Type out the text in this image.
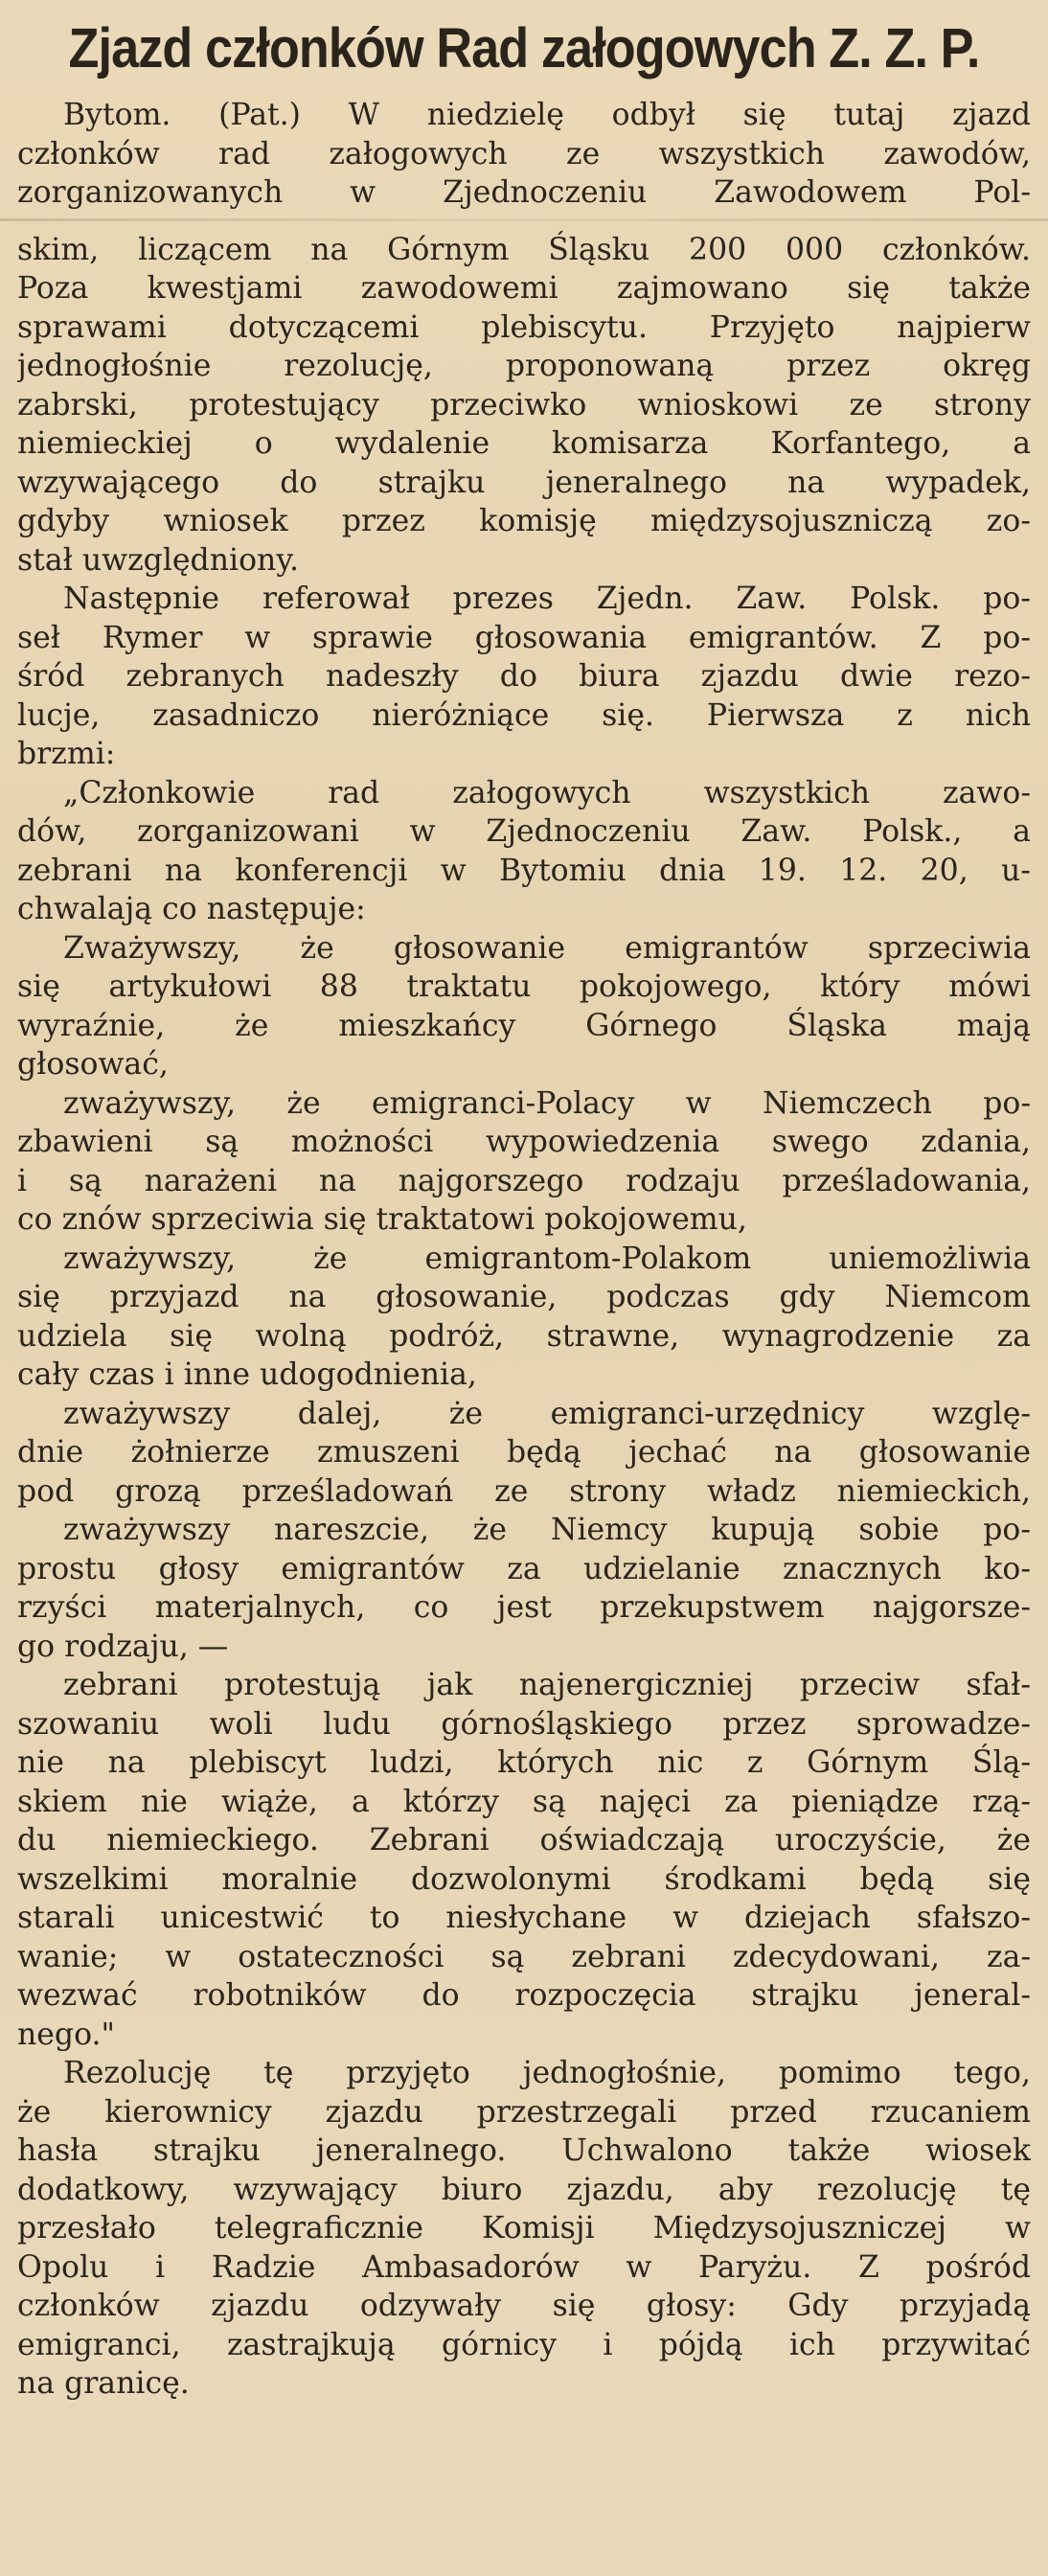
Zjazd członków Rad załogowych Z. Z. P.
Bytom. (Pat.) W niedzielę odbył się tutaj zjazd
członków rad załogowych ze wszystkich zawodów,
zorganizowanych w Zjednoczeniu Zawodowem Pol-
skim, liczącem na Górnym Śląsku 200 000 członków.
Poza kwestjami zawodowemi zajmowano się także
sprawami dotyczącemi plebiscytu. Przyjęto najpierw
jednogłośnie rezolucję, proponowaną przez okręg
zabrski, protestujący przeciwko wnioskowi ze strony
niemieckiej o wydalenie komisarza Korfantego, a
wzywającego do strajku jeneralnego na wypadek,
gdyby wniosek przez komisję międzysojuszniczą zo-
stał uwzględniony.
Następnie referował prezes Zjedn. Zaw. Polsk. po-
seł Rymer w sprawie głosowania emigrantów. Z po-
śród zebranych nadeszły do biura zjazdu dwie rezo-
lucje, zasadniczo nieróżniące się. Pierwsza z nich
brzmi:
„Członkowie rad załogowych wszystkich zawo-
dów, zorganizowani w Zjednoczeniu Zaw. Polsk., a
zebrani na konferencji w Bytomiu dnia 19. 12. 20, u-
chwalają co następuje:
Zważywszy, że głosowanie emigrantów sprzeciwia
się artykułowi 88 traktatu pokojowego, który mówi
wyraźnie, że mieszkańcy Górnego Śląska mają
głosować,
zważywszy, że emigranci-Polacy w Niemczech po-
zbawieni są możności wypowiedzenia swego zdania,
i są narażeni na najgorszego rodzaju prześladowania,
co znów sprzeciwia się traktatowi pokojowemu,
zważywszy, że emigrantom-Polakom uniemożliwia
się przyjazd na głosowanie, podczas gdy Niemcom
udziela się wolną podróż, strawne, wynagrodzenie za
cały czas i inne udogodnienia,
zważywszy dalej, że emigranci-urzędnicy wzglę-
dnie żołnierze zmuszeni będą jechać na głosowanie
pod grozą prześladowań ze strony władz niemieckich,
zważywszy nareszcie, że Niemcy kupują sobie po-
prostu głosy emigrantów za udzielanie znacznych ko-
rzyści materjalnych, co jest przekupstwem najgorsze-
go rodzaju, —
zebrani protestują jak najenergiczniej przeciw sfał-
szowaniu woli ludu górnośląskiego przez sprowadze-
nie na plebiscyt ludzi, których nic z Górnym Ślą-
skiem nie wiąże, a którzy są najęci za pieniądze rzą-
du niemieckiego. Zebrani oświadczają uroczyście, że
wszelkimi moralnie dozwolonymi środkami będą się
starali unicestwić to niesłychane w dziejach sfałszo-
wanie; w ostateczności są zebrani zdecydowani, za-
wezwać robotników do rozpoczęcia strajku jeneral-
nego."
Rezolucję tę przyjęto jednogłośnie, pomimo tego,
że kierownicy zjazdu przestrzegali przed rzucaniem
hasła strajku jeneralnego. Uchwalono także wiosek
dodatkowy, wzywający biuro zjazdu, aby rezolucję tę
przesłało telegraficznie Komisji Międzysojuszniczej w
Opolu i Radzie Ambasadorów w Paryżu. Z pośród
członków zjazdu odzywały się głosy: Gdy przyjadą
emigranci, zastrajkują górnicy i pójdą ich przywitać
na granicę.
